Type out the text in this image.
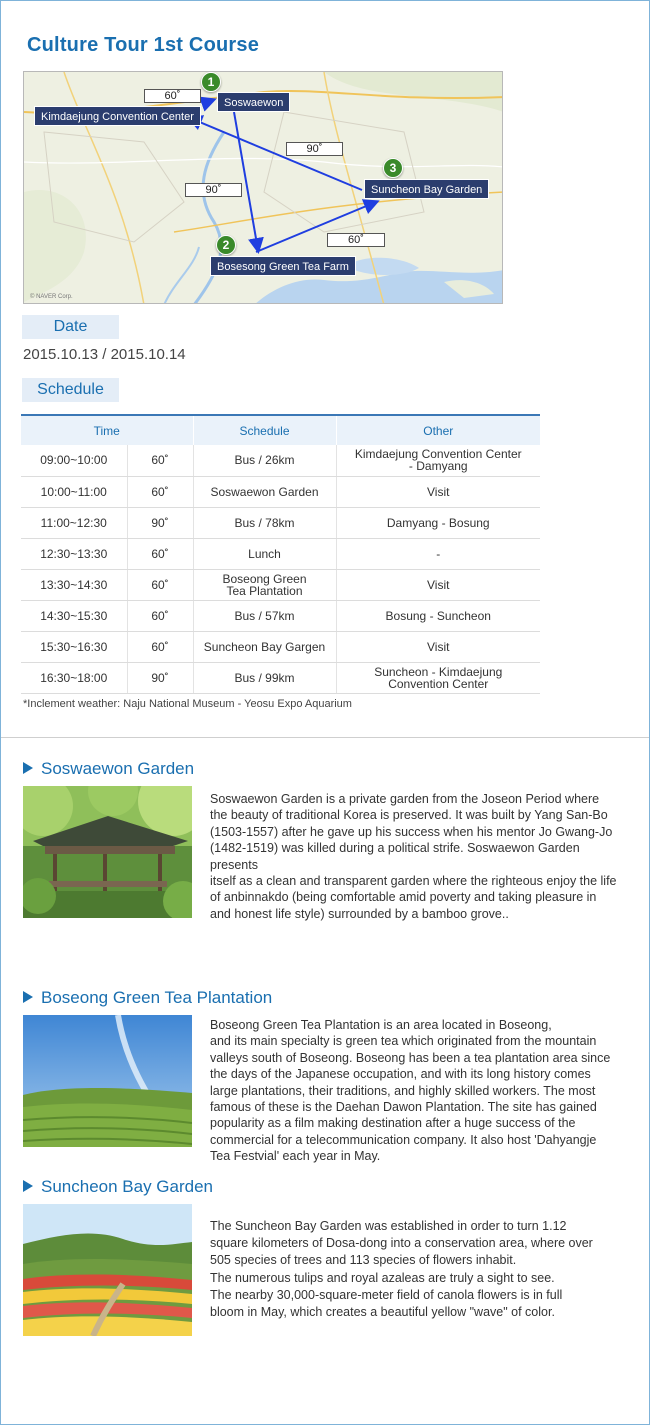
Culture Tour 1st Course
1
2
3
Soswaewon
Kimdaejung Convention Center
Suncheon Bay Garden
Bosesong Green Tea Farm
60˚
90˚
90˚
60˚
© NAVER Corp.
Date
2015.10.13 / 2015.10.14
Schedule
Time		Schedule	Other
09:00~10:00	60˚	Bus / 26km	Kimdaejung Convention Center
- Damyang
10:00~11:00	60˚	Soswaewon Garden	Visit
11:00~12:30	90˚	Bus / 78km	Damyang - Bosung
12:30~13:30	60˚	Lunch	-
13:30~14:30	60˚	Boseong Green
Tea Plantation	Visit
14:30~15:30	60˚	Bus / 57km	Bosung - Suncheon
15:30~16:30	60˚	Suncheon Bay Gargen	Visit
16:30~18:00	90˚	Bus / 99km	Suncheon - Kimdaejung
Convention Center
*Inclement weather: Naju National Museum - Yeosu Expo Aquarium
Soswaewon Garden
Soswaewon Garden is a private garden from the Joseon Period where
the beauty of traditional Korea is preserved. It was built by Yang San-Bo
(1503-1557) after he gave up his success when his mentor Jo Gwang-Jo
(1482-1519) was killed during a political strife. Soswaewon Garden presents
itself as a clean and transparent garden where the righteous enjoy the life
of anbinnakdo (being comfortable amid poverty and taking pleasure in
and honest life style) surrounded by a bamboo grove..
Boseong Green Tea Plantation
Boseong Green Tea Plantation is an area located in Boseong,
and its main specialty is green tea which originated from the mountain
valleys south of Boseong. Boseong has been a tea plantation area since
the days of the Japanese occupation, and with its long history comes
large plantations, their traditions, and highly skilled workers. The most
famous of these is the Daehan Dawon Plantation. The site has gained
popularity as a film making destination after a huge success of the
commercial for a telecommunication company. It also host 'Dahyangje
Tea Festvial' each year in May.
Suncheon Bay Garden
The Suncheon Bay Garden was established in order to turn 1.12
square kilometers of Dosa-dong into a conservation area, where over
505 species of trees and 113 species of flowers inhabit.
The numerous tulips and royal azaleas are truly a sight to see.
The nearby 30,000-square-meter field of canola flowers is in full
bloom in May, which creates a beautiful yellow "wave" of color.
